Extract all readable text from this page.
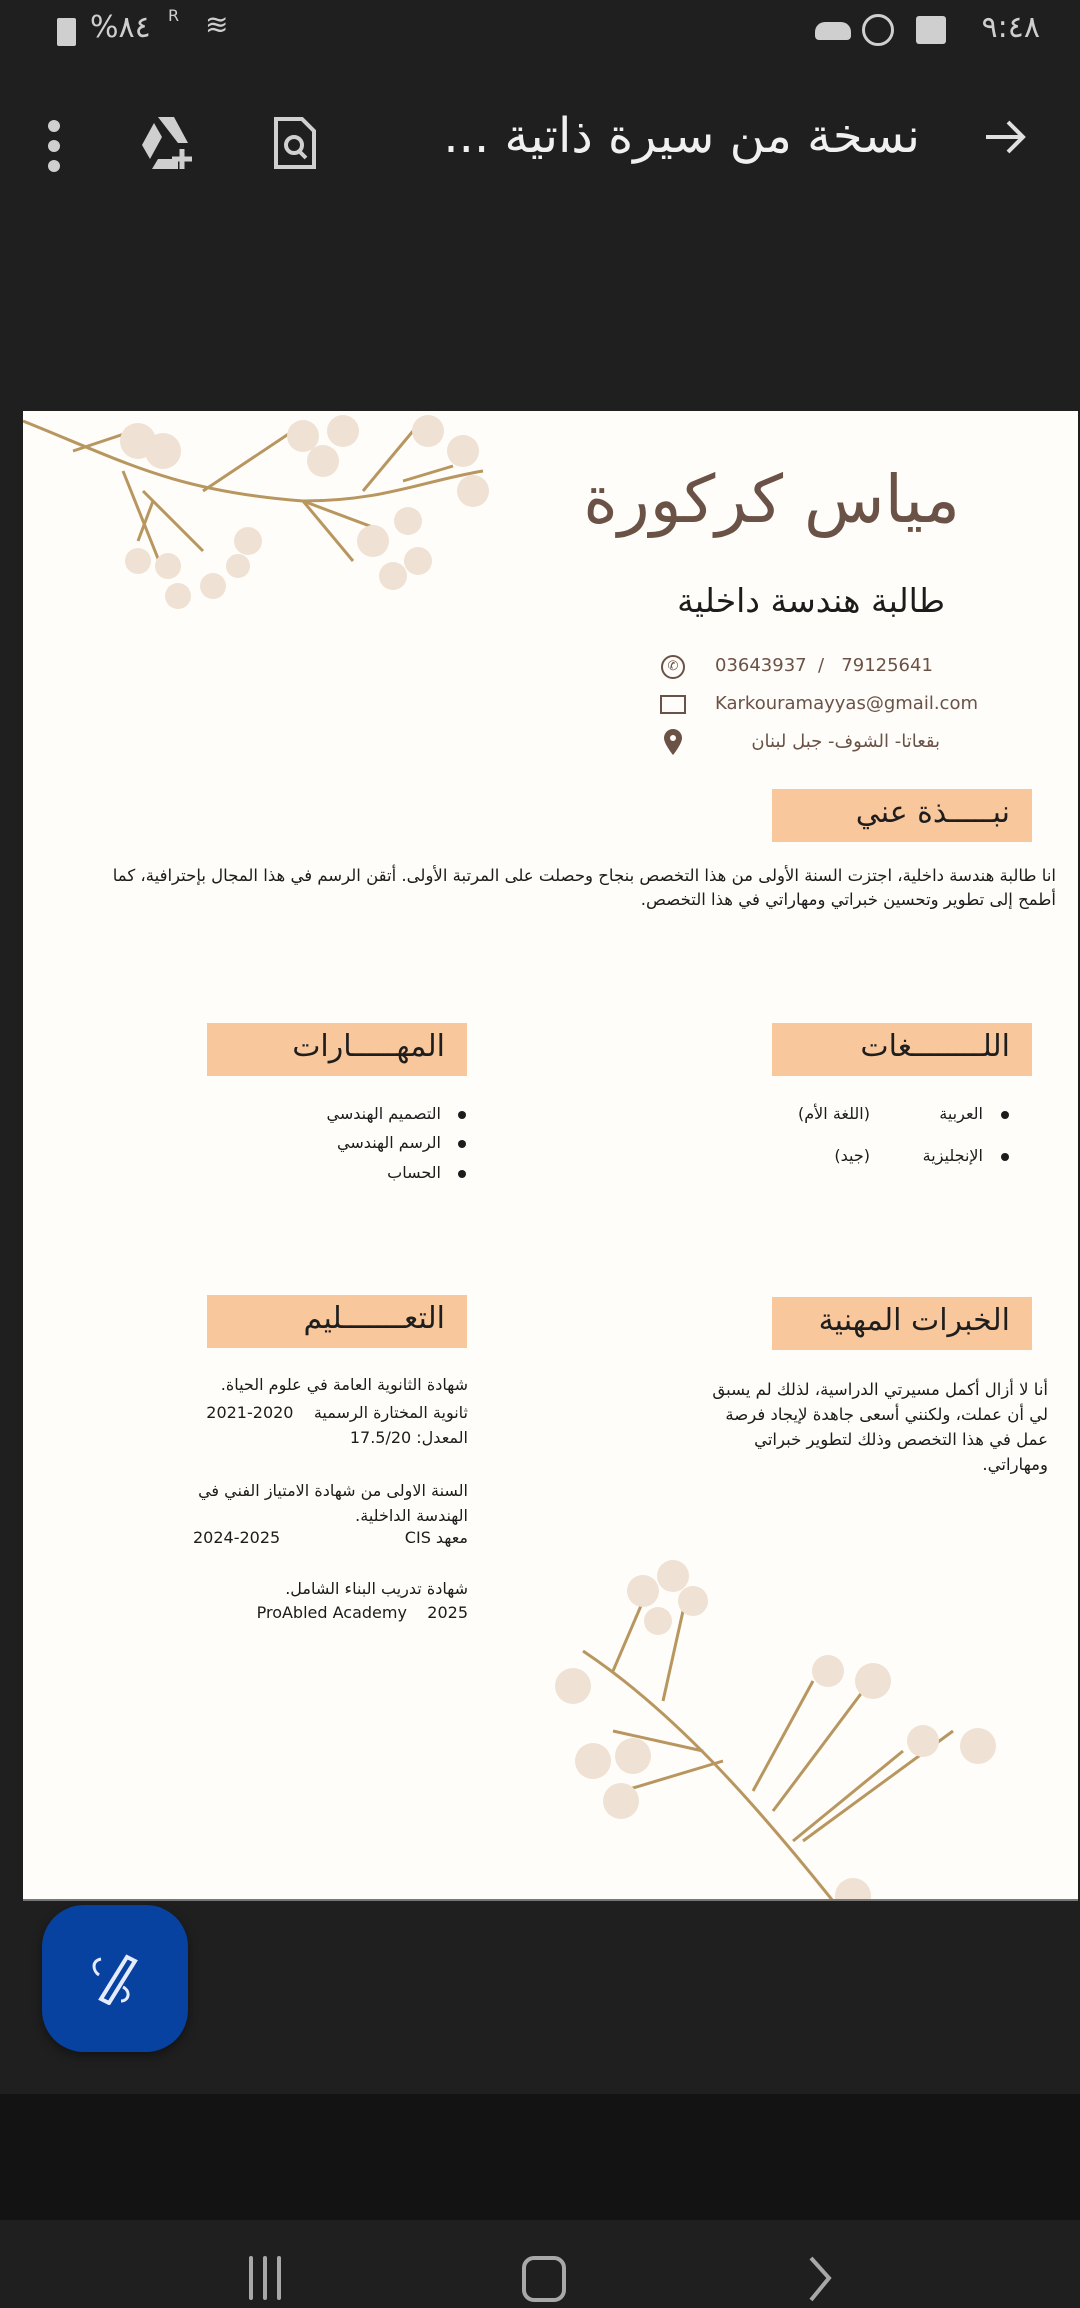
٩:٤٨
%٨٤ R ≋
نسخة من سيرة ذاتية ...
مياس كركورة
طالبة هندسة داخلية
03643937  /   79125641
✆
Karkouramayyas@gmail.com
بقعاتا- الشوف- جبل لبنان
نبـــــذة عني
انا طالبة هندسة داخلية، اجتزت السنة الأولى من هذا التخصص بنجاح وحصلت على المرتبة الأولى. أتقن الرسم في هذا المجال بإحترافية، كما أطمح إلى تطوير وتحسين خبراتي ومهاراتي في هذا التخصص.
اللــــــــغات
العربية
(اللغة الأم)
الإنجليزية
(جيد)
المهـــــارات
التصميم الهندسي
الرسم الهندسي
الحساب
الخبرات المهنية
أنا لا أزال أكمل مسيرتي الدراسية، لذلك لم يسبق لي أن عملت، ولكنني أسعى جاهدة لإيجاد فرصة عمل في هذا التخصص وذلك لتطوير خبراتي ومهاراتي.
التعـــــــليم
شهادة الثانوية العامة في علوم الحياة.
ثانوية المختارة الرسمية    2020-2021
المعدل: 17.5/20
السنة الاولى من شهادة الامتياز الفني في
الهندسة الداخلية.
معهد CIS
2024-2025
شهادة تدريب البناء الشامل.
ProAbled Academy    2025
